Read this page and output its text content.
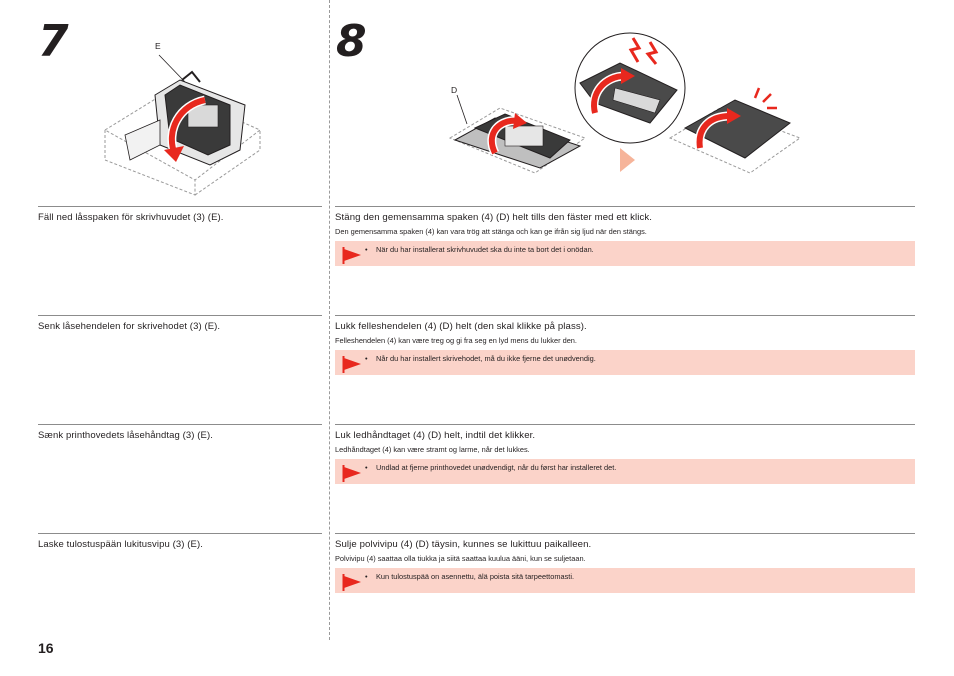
7	8
E
D
Fäll ned låsspaken för skrivhuvudet (3) (E).	Stäng den gemensamma spaken (4) (D) helt tills den fäster med ett klick.
Den gemensamma spaken (4) kan vara trög att stänga och kan ge ifrån sig ljud när den stängs.
• När du har installerat skrivhuvudet ska du inte ta bort det i onödan.
Senk låsehendelen for skrivehodet (3) (E).	Lukk felleshendelen (4) (D) helt (den skal klikke på plass).
Felleshendelen (4) kan være treg og gi fra seg en lyd mens du lukker den.
• Når du har installert skrivehodet, må du ikke fjerne det unødvendig.
Sænk printhovedets låsehåndtag (3) (E).	Luk ledhåndtaget (4) (D) helt, indtil det klikker.
Ledhåndtaget (4) kan være stramt og larme, når det lukkes.
• Undlad at fjerne printhovedet unødvendigt, når du først har installeret det.
Laske tulostuspään lukitusvipu (3) (E).	Sulje polvivipu (4) (D) täysin, kunnes se lukittuu paikalleen.
Polvivipu (4) saattaa olla tiukka ja siitä saattaa kuulua ääni, kun se suljetaan.
• Kun tulostuspää on asennettu, älä poista sitä tarpeettomasti.
16
